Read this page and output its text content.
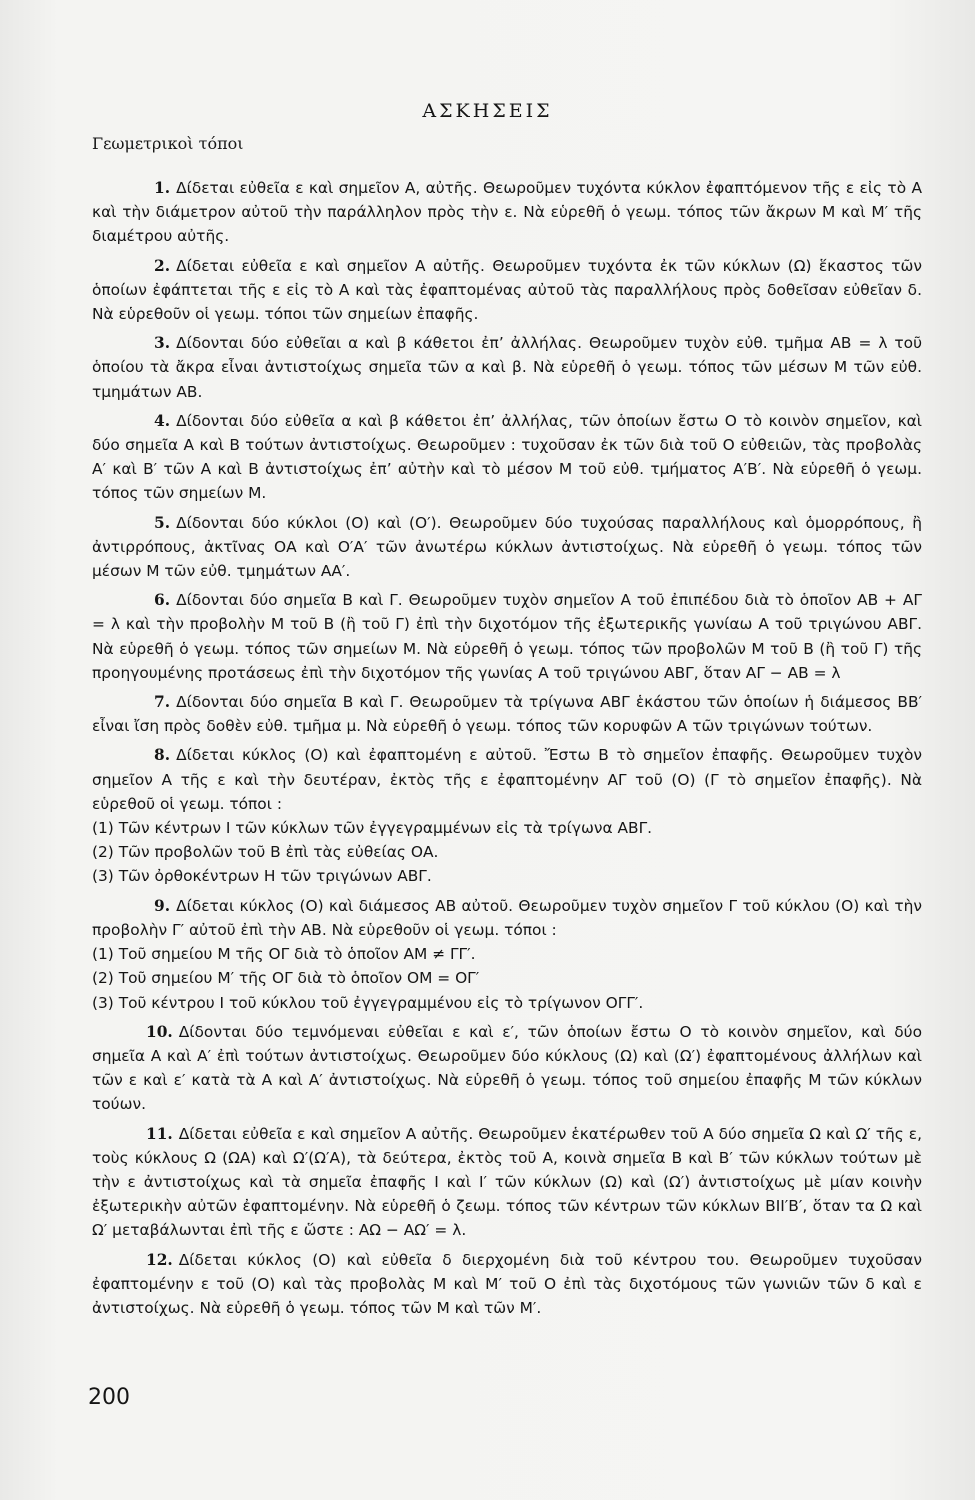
ΑΣΚΗΣΕΙΣ
Γεωμετρικοὶ τόποι

1. Δίδεται εὐθεῖα ε καὶ σημεῖον Α, αὐτῆς. Θεωροῦμεν τυχόντα κύκλον ἐφαπτόμενον τῆς ε εἰς τὸ Α καὶ τὴν διάμετρον αὐτοῦ τὴν παράλληλον πρὸς τὴν ε. Νὰ εὑρεθῆ ὁ γεωμ. τόπος τῶν ἄκρων Μ καὶ Μ′ τῆς διαμέτρου αὐτῆς.

2. Δίδεται εὐθεῖα ε καὶ σημεῖον Α αὐτῆς. Θεωροῦμεν τυχόντα ἐκ τῶν κύκλων (Ω) ἕκαστος τῶν ὁποίων ἐφάπτεται τῆς ε εἰς τὸ Α καὶ τὰς ἐφαπτομένας αὐτοῦ τὰς παραλλήλους πρὸς δοθεῖσαν εὐθεῖαν δ. Νὰ εὑρεθοῦν οἱ γεωμ. τόποι τῶν σημείων ἐπαφῆς.

3. Δίδονται δύο εὐθεῖαι α καὶ β κάθετοι ἐπ’ ἀλλήλας. Θεωροῦμεν τυχὸν εὐθ. τμῆμα ΑΒ = λ τοῦ ὁποίου τὰ ἄκρα εἶναι ἀντιστοίχως σημεῖα τῶν α καὶ β. Νὰ εὑρεθῆ ὁ γεωμ. τόπος τῶν μέσων Μ τῶν εὐθ. τμημάτων ΑΒ.

4. Δίδονται δύο εὐθεῖα α καὶ β κάθετοι ἐπ’ ἀλλήλας, τῶν ὁποίων ἔστω Ο τὸ κοινὸν σημεῖον, καὶ δύο σημεῖα Α καὶ Β τούτων ἀντιστοίχως. Θεωροῦμεν : τυχοῦσαν ἐκ τῶν διὰ τοῦ Ο εὐθειῶν, τὰς προβολὰς Α′ καὶ Β′ τῶν Α καὶ Β ἀντιστοίχως ἐπ’ αὐτὴν καὶ τὸ μέσον Μ τοῦ εὐθ. τμήματος Α′Β′. Νὰ εὑρεθῆ ὁ γεωμ. τόπος τῶν σημείων Μ.

5. Δίδονται δύο κύκλοι (Ο) καὶ (Ο′). Θεωροῦμεν δύο τυχούσας παραλλήλους καὶ ὁμορρόπους, ἢ ἀντιρρόπους, ἀκτῖνας ΟΑ καὶ Ο′Α′ τῶν ἀνωτέρω κύκλων ἀντιστοίχως. Νὰ εὑρεθῆ ὁ γεωμ. τόπος τῶν μέσων Μ τῶν εὐθ. τμημάτων ΑΑ′.

6. Δίδονται δύο σημεῖα Β καὶ Γ. Θεωροῦμεν τυχὸν σημεῖον Α τοῦ ἐπιπέδου διὰ τὸ ὁποῖον ΑΒ + ΑΓ = λ καὶ τὴν προβολὴν Μ τοῦ Β (ἢ τοῦ Γ) ἐπὶ τὴν διχοτόμον τῆς ἐξωτερικῆς γωνίαω Α τοῦ τριγώνου ΑΒΓ. Νὰ εὑρεθῆ ὁ γεωμ. τόπος τῶν σημείων Μ. Νὰ εὑρεθῆ ὁ γεωμ. τόπος τῶν προβολῶν Μ τοῦ Β (ἢ τοῦ Γ) τῆς προηγουμένης προτάσεως ἐπὶ τὴν διχοτόμον τῆς γωνίας Α τοῦ τριγώνου ΑΒΓ, ὅταν ΑΓ − ΑΒ = λ

7. Δίδονται δύο σημεῖα Β καὶ Γ. Θεωροῦμεν τὰ τρίγωνα ΑΒΓ ἑκάστου τῶν ὁποίων ἡ διάμεσος ΒΒ′ εἶναι ἴση πρὸς δοθὲν εὐθ. τμῆμα μ. Νὰ εὑρεθῆ ὁ γεωμ. τόπος τῶν κορυφῶν Α τῶν τριγώνων τούτων.

8. Δίδεται κύκλος (Ο) καὶ ἐφαπτομένη ε αὐτοῦ. Ἔστω Β τὸ σημεῖον ἐπαφῆς. Θεωροῦμεν τυχὸν σημεῖον Α τῆς ε καὶ τὴν δευτέραν, ἐκτὸς τῆς ε ἐφαπτομένην ΑΓ τοῦ (Ο) (Γ τὸ σημεῖον ἐπαφῆς). Νὰ εὑρεθοῦ οἱ γεωμ. τόποι :

(1) Τῶν κέντρων Ι τῶν κύκλων τῶν ἐγγεγραμμένων εἰς τὰ τρίγωνα ΑΒΓ.

(2) Τῶν προβολῶν τοῦ Β ἐπὶ τὰς εὐθείας ΟΑ.

(3) Τῶν ὀρθοκέντρων Η τῶν τριγώνων ΑΒΓ.

9. Δίδεται κύκλος (Ο) καὶ διάμεσος ΑΒ αὐτοῦ. Θεωροῦμεν τυχὸν σημεῖον Γ τοῦ κύκλου (Ο) καὶ τὴν προβολὴν Γ′ αὐτοῦ ἐπὶ τὴν ΑΒ. Νὰ εὑρεθοῦν οἱ γεωμ. τόποι :

(1) Τοῦ σημείου Μ τῆς ΟΓ διὰ τὸ ὁποῖον ΑΜ ≠ ΓΓ′.

(2) Τοῦ σημείου Μ′ τῆς ΟΓ διὰ τὸ ὁποῖον ΟΜ = ΟΓ′

(3) Τοῦ κέντρου Ι τοῦ κύκλου τοῦ ἐγγεγραμμένου εἰς τὸ τρίγωνον ΟΓΓ′.

10. Δίδονται δύο τεμνόμεναι εὐθεῖαι ε καὶ ε′, τῶν ὁποίων ἔστω Ο τὸ κοινὸν σημεῖον, καὶ δύο σημεῖα Α καὶ Α′ ἐπὶ τούτων ἀντιστοίχως. Θεωροῦμεν δύο κύκλους (Ω) καὶ (Ω′) ἐφαπτομένους ἀλλήλων καὶ τῶν ε καὶ ε′ κατὰ τὰ Α καὶ Α′ ἀντιστοίχως. Νὰ εὑρεθῆ ὁ γεωμ. τόπος τοῦ σημείου ἐπαφῆς Μ τῶν κύκλων τούων.

11. Δίδεται εὐθεῖα ε καὶ σημεῖον Α αὐτῆς. Θεωροῦμεν ἑκατέρωθεν τοῦ Α δύο σημεῖα Ω καὶ Ω′ τῆς ε, τοὺς κύκλους Ω (ΩΑ) καὶ Ω′(Ω′Α), τὰ δεύτερα, ἐκτὸς τοῦ Α, κοινὰ σημεῖα Β καὶ Β′ τῶν κύκλων τούτων μὲ τὴν ε ἀντιστοίχως καὶ τὰ σημεῖα ἐπαφῆς Ι καὶ Ι′ τῶν κύκλων (Ω) καὶ (Ω′) ἀντιστοίχως μὲ μίαν κοινὴν ἐξωτερικὴν αὐτῶν ἐφαπτομένην. Νὰ εὑρεθῆ ὁ ζεωμ. τόπος τῶν κέντρων τῶν κύκλων ΒΙΙ′Β′, ὅταν τα Ω καὶ Ω′ μεταβάλωνται ἐπὶ τῆς ε ὥστε : ΑΩ − ΑΩ′ = λ.

12. Δίδεται κύκλος (Ο) καὶ εὐθεῖα δ διερχομένη διὰ τοῦ κέντρου του. Θεωροῦμεν τυχοῦσαν ἐφαπτομένην ε τοῦ (Ο) καὶ τὰς προβολὰς Μ καὶ Μ′ τοῦ Ο ἐπὶ τὰς διχοτόμους τῶν γωνιῶν τῶν δ καὶ ε ἀντιστοίχως. Νὰ εὑρεθῆ ὁ γεωμ. τόπος τῶν Μ καὶ τῶν Μ′.

200
